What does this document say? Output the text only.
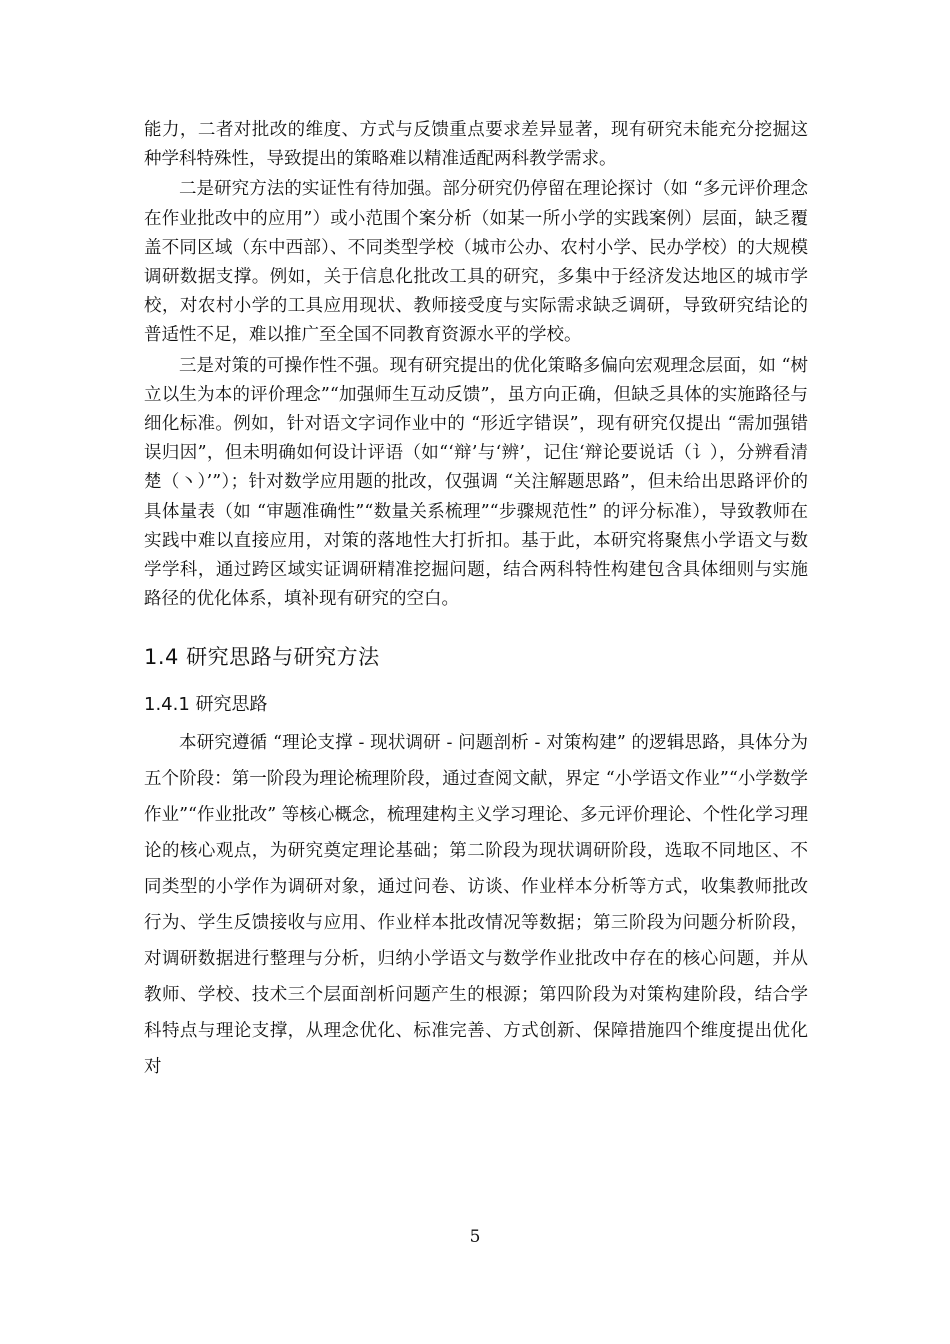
能力，二者对批改的维度、方式与反馈重点要求差异显著，现有研究未能充分挖掘这种学科特殊性，导致提出的策略难以精准适配两科教学需求。

二是研究方法的实证性有待加强。部分研究仍停留在理论探讨（如 “多元评价理念在作业批改中的应用”）或小范围个案分析（如某一所小学的实践案例）层面，缺乏覆盖不同区域（东中西部）、不同类型学校（城市公办、农村小学、民办学校）的大规模调研数据支撑。例如，关于信息化批改工具的研究，多集中于经济发达地区的城市学校，对农村小学的工具应用现状、教师接受度与实际需求缺乏调研，导致研究结论的普适性不足，难以推广至全国不同教育资源水平的学校。

三是对策的可操作性不强。现有研究提出的优化策略多偏向宏观理念层面，如 “树立以生为本的评价理念”“加强师生互动反馈”，虽方向正确，但缺乏具体的实施路径与细化标准。例如，针对语文字词作业中的 “形近字错误”，现有研究仅提出 “需加强错误归因”，但未明确如何设计评语（如“‘辩’与‘辨’，记住‘辩论要说话（讠），分辨看清楚（丶）’”）；针对数学应用题的批改，仅强调 “关注解题思路”，但未给出思路评价的具体量表（如 “审题准确性”“数量关系梳理”“步骤规范性” 的评分标准），导致教师在实践中难以直接应用，对策的落地性大打折扣。基于此，本研究将聚焦小学语文与数学学科，通过跨区域实证调研精准挖掘问题，结合两科特性构建包含具体细则与实施路径的优化体系，填补现有研究的空白。

1.4 研究思路与研究方法
1.4.1 研究思路

本研究遵循 “理论支撑 - 现状调研 - 问题剖析 - 对策构建” 的逻辑思路，具体分为五个阶段：第一阶段为理论梳理阶段，通过查阅文献，界定 “小学语文作业”“小学数学作业”“作业批改” 等核心概念，梳理建构主义学习理论、多元评价理论、个性化学习理论的核心观点，为研究奠定理论基础；第二阶段为现状调研阶段，选取不同地区、不同类型的小学作为调研对象，通过问卷、访谈、作业样本分析等方式，收集教师批改行为、学生反馈接收与应用、作业样本批改情况等数据；第三阶段为问题分析阶段，对调研数据进行整理与分析，归纳小学语文与数学作业批改中存在的核心问题，并从教师、学校、技术三个层面剖析问题产生的根源；第四阶段为对策构建阶段，结合学科特点与理论支撑，从理念优化、标准完善、方式创新、保障措施四个维度提出优化对

5
